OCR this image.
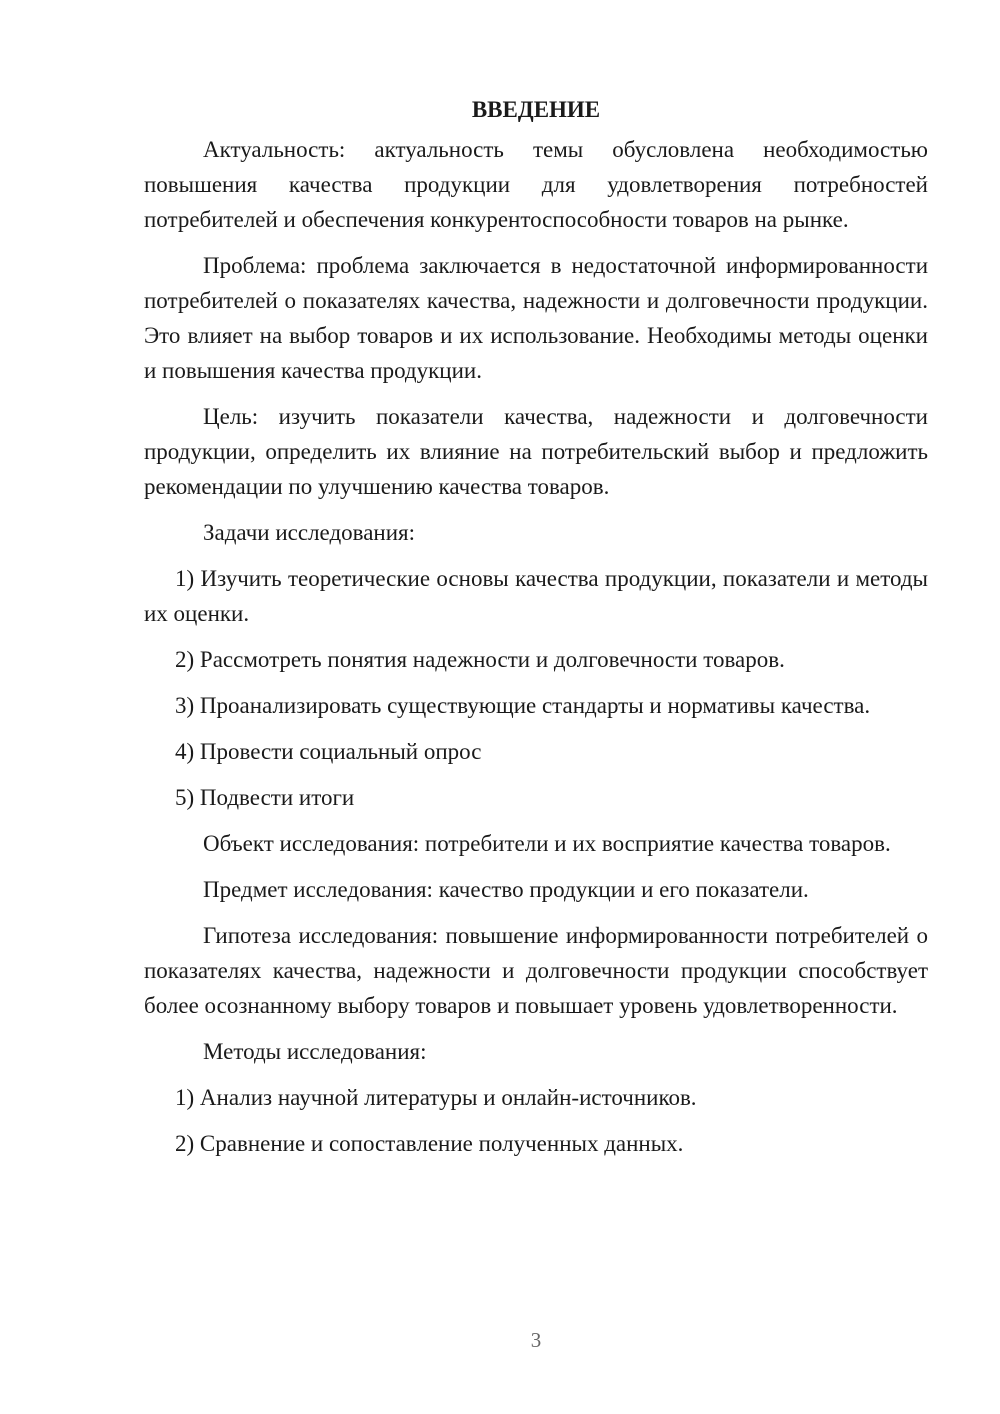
ВВЕДЕНИЕ

Актуальность: актуальность темы обусловлена необходимостью повышения качества продукции для удовлетворения потребностей потребителей и обеспечения конкурентоспособности товаров на рынке.

Проблема: проблема заключается в недостаточной информированности потребителей о показателях качества, надежности и долговечности продукции. Это влияет на выбор товаров и их использование. Необходимы методы оценки и повышения качества продукции.

Цель: изучить показатели качества, надежности и долговечности продукции, определить их влияние на потребительский выбор и предложить рекомендации по улучшению качества товаров.

Задачи исследования:

1) Изучить теоретические основы качества продукции, показатели и методы их оценки.

2) Рассмотреть понятия надежности и долговечности товаров.

3) Проанализировать существующие стандарты и нормативы качества.

4) Провести социальный опрос

5) Подвести итоги

Объект исследования: потребители и их восприятие качества товаров.

Предмет исследования: качество продукции и его показатели.

Гипотеза исследования: повышение информированности потребителей о показателях качества, надежности и долговечности продукции способствует более осознанному выбору товаров и повышает уровень удовлетворенности.

Методы исследования:

1) Анализ научной литературы и онлайн-источников.

2) Сравнение и сопоставление полученных данных.

3
